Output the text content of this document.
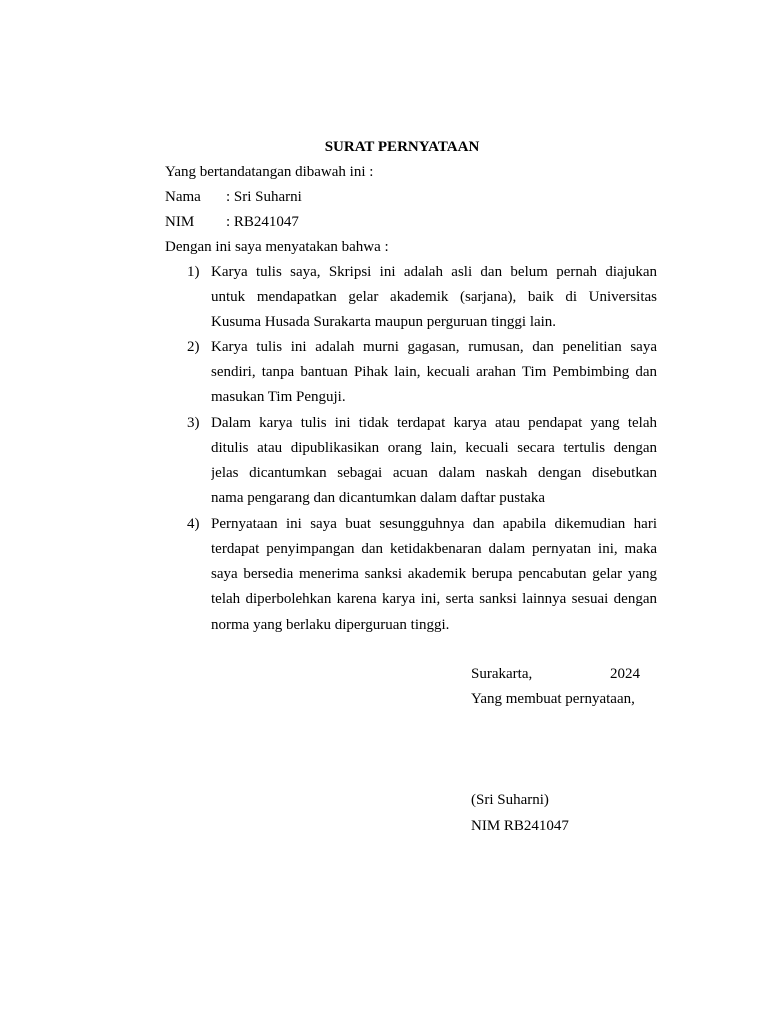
SURAT PERNYATAAN
Yang bertandatangan dibawah ini :
Nama : Sri Suharni
NIM : RB241047
Dengan ini saya menyatakan bahwa :
1) Karya tulis saya, Skripsi ini adalah asli dan belum pernah diajukan
untuk mendapatkan gelar akademik (sarjana), baik di Universitas
Kusuma Husada Surakarta maupun perguruan tinggi lain.
2) Karya tulis ini adalah murni gagasan, rumusan, dan penelitian saya
sendiri, tanpa bantuan Pihak lain, kecuali arahan Tim Pembimbing dan
masukan Tim Penguji.
3) Dalam karya tulis ini tidak terdapat karya atau pendapat yang telah
ditulis atau dipublikasikan orang lain, kecuali secara tertulis dengan
jelas dicantumkan sebagai acuan dalam naskah dengan disebutkan
nama pengarang dan dicantumkan dalam daftar pustaka
4) Pernyataan ini saya buat sesungguhnya dan apabila dikemudian hari
terdapat penyimpangan dan ketidakbenaran dalam pernyatan ini, maka
saya bersedia menerima sanksi akademik berupa pencabutan gelar yang
telah diperbolehkan karena karya ini, serta sanksi lainnya sesuai dengan
norma yang berlaku diperguruan tinggi.
Surakarta,	2024
Yang membuat pernyataan,
(Sri Suharni)
NIM RB241047
